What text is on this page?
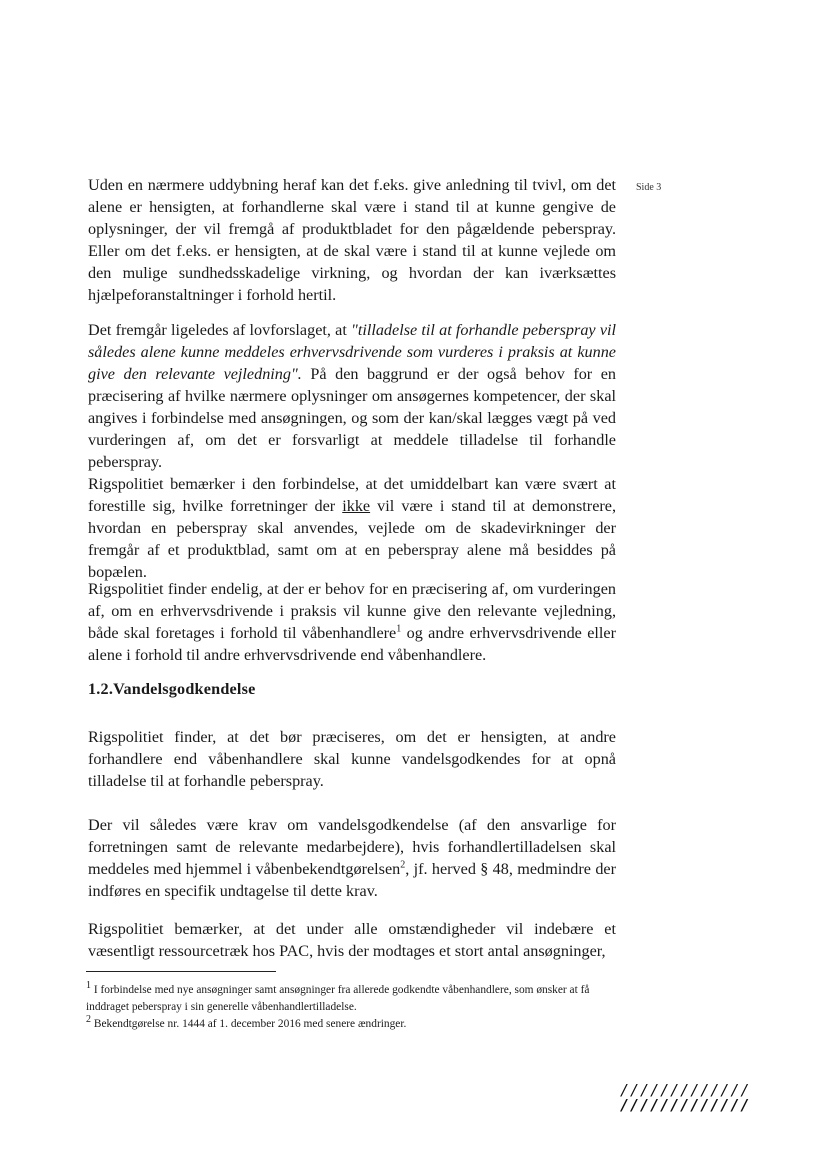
Side 3

Uden en nærmere uddybning heraf kan det f.eks. give anledning til tvivl, om det alene er hensigten, at forhandlerne skal være i stand til at kunne gengive de oplysninger, der vil fremgå af produktbladet for den pågældende peberspray. Eller om det f.eks. er hensigten, at de skal være i stand til at kunne vejlede om den mulige sundhedsskadelige virkning, og hvordan der kan iværksættes hjælpeforanstaltninger i forhold hertil.

Det fremgår ligeledes af lovforslaget, at "tilladelse til at forhandle peberspray vil således alene kunne meddeles erhvervsdrivende som vurderes i praksis at kunne give den relevante vejledning". På den baggrund er der også behov for en præcisering af hvilke nærmere oplysninger om ansøgernes kompetencer, der skal angives i forbindelse med ansøgningen, og som der kan/skal lægges vægt på ved vurderingen af, om det er forsvarligt at meddele tilladelse til forhandle peberspray.

Rigspolitiet bemærker i den forbindelse, at det umiddelbart kan være svært at forestille sig, hvilke forretninger der ikke vil være i stand til at demonstrere, hvordan en peberspray skal anvendes, vejlede om de skadevirkninger der fremgår af et produktblad, samt om at en peberspray alene må besiddes på bopælen.

Rigspolitiet finder endelig, at der er behov for en præcisering af, om vurderingen af, om en erhvervsdrivende i praksis vil kunne give den relevante vejledning, både skal foretages i forhold til våbenhandlere$^1$ og andre erhvervsdrivende eller alene i forhold til andre erhvervsdrivende end våbenhandlere.

1.2.Vandelsgodkendelse

Rigspolitiet finder, at det bør præciseres, om det er hensigten, at andre forhandlere end våbenhandlere skal kunne vandelsgodkendes for at opnå tilladelse til at forhandle peberspray.

Der vil således være krav om vandelsgodkendelse (af den ansvarlige for forretningen samt de relevante medarbejdere), hvis forhandlertilladelsen skal meddeles med hjemmel i våbenbekendtgørelsen$^2$, jf. herved § 48, medmindre der indføres en specifik undtagelse til dette krav.

Rigspolitiet bemærker, at det under alle omstændigheder vil indebære et væsentligt ressourcetræk hos PAC, hvis der modtages et stort antal ansøgninger,

$^1$ I forbindelse med nye ansøgninger samt ansøgninger fra allerede godkendte våbenhandlere, som ønsker at få inddraget peberspray i sin generelle våbenhandlertilladelse.

$^2$ Bekendtgørelse nr. 1444 af 1. december 2016 med senere ændringer.

/////////////
/////////////
